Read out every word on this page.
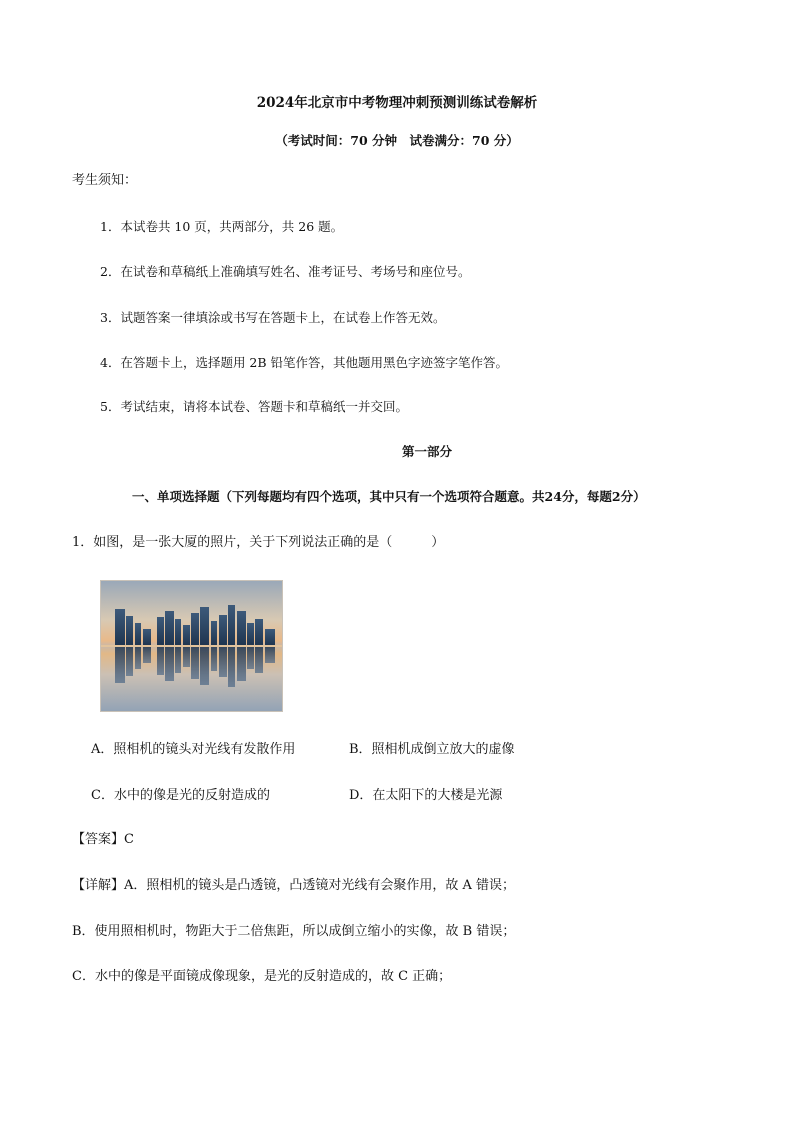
2024年北京市中考物理冲刺预测训练试卷解析
（考试时间：70 分钟　试卷满分：70 分）
考生须知：
1．本试卷共 10 页，共两部分，共 26 题。
2．在试卷和草稿纸上准确填写姓名、准考证号、考场号和座位号。
3．试题答案一律填涂或书写在答题卡上，在试卷上作答无效。
4．在答题卡上，选择题用 2B 铅笔作答，其他题用黑色字迹签字笔作答。
5．考试结束，请将本试卷、答题卡和草稿纸一并交回。
第一部分
一、单项选择题（下列每题均有四个选项，其中只有一个选项符合题意。共24分，每题2分）
1．如图，是一张大厦的照片，关于下列说法正确的是（　　　）
A．照相机的镜头对光线有发散作用	B．照相机成倒立放大的虚像
C．水中的像是光的反射造成的	D．在太阳下的大楼是光源
【答案】C
【详解】A．照相机的镜头是凸透镜，凸透镜对光线有会聚作用，故 A 错误；
B．使用照相机时，物距大于二倍焦距，所以成倒立缩小的实像，故 B 错误；
C．水中的像是平面镜成像现象，是光的反射造成的，故 C 正确；
